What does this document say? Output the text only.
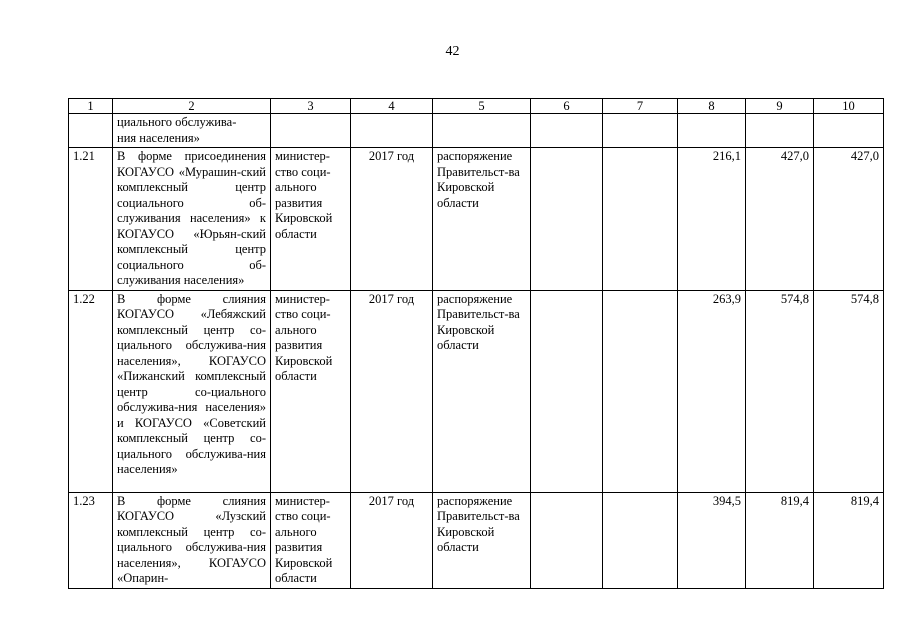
42
1	2	3	4	5	6	7	8	9	10
	циального обслужива-
ния населения»								
1.21	В форме присоединения КОГАУСО «Мурашин-ский комплексный центр социального об-служивания населения» к КОГАУСО «Юрьян-ский комплексный центр социального об-служивания населения»	министер-ство соци-ального развития Кировской области	2017 год	распоряжение Правительст-ва Кировской области			216,1	427,0	427,0
1.22	В форме слияния КОГАУСО «Лебяжский комплексный центр со-циального обслужива-ния населения», КОГАУСО «Пижанский комплексный центр со-циального обслужива-ния населения» и КОГАУСО «Советский комплексный центр со-циального обслужива-ния населения»	министер-ство соци-ального развития Кировской области	2017 год	распоряжение Правительст-ва Кировской области			263,9	574,8	574,8
1.23	В форме слияния КОГАУСО «Лузский комплексный центр со-циального обслужива-ния населения», КОГАУСО «Опарин-	министер-ство соци-ального развития Кировской области	2017 год	распоряжение Правительст-ва Кировской области			394,5	819,4	819,4
